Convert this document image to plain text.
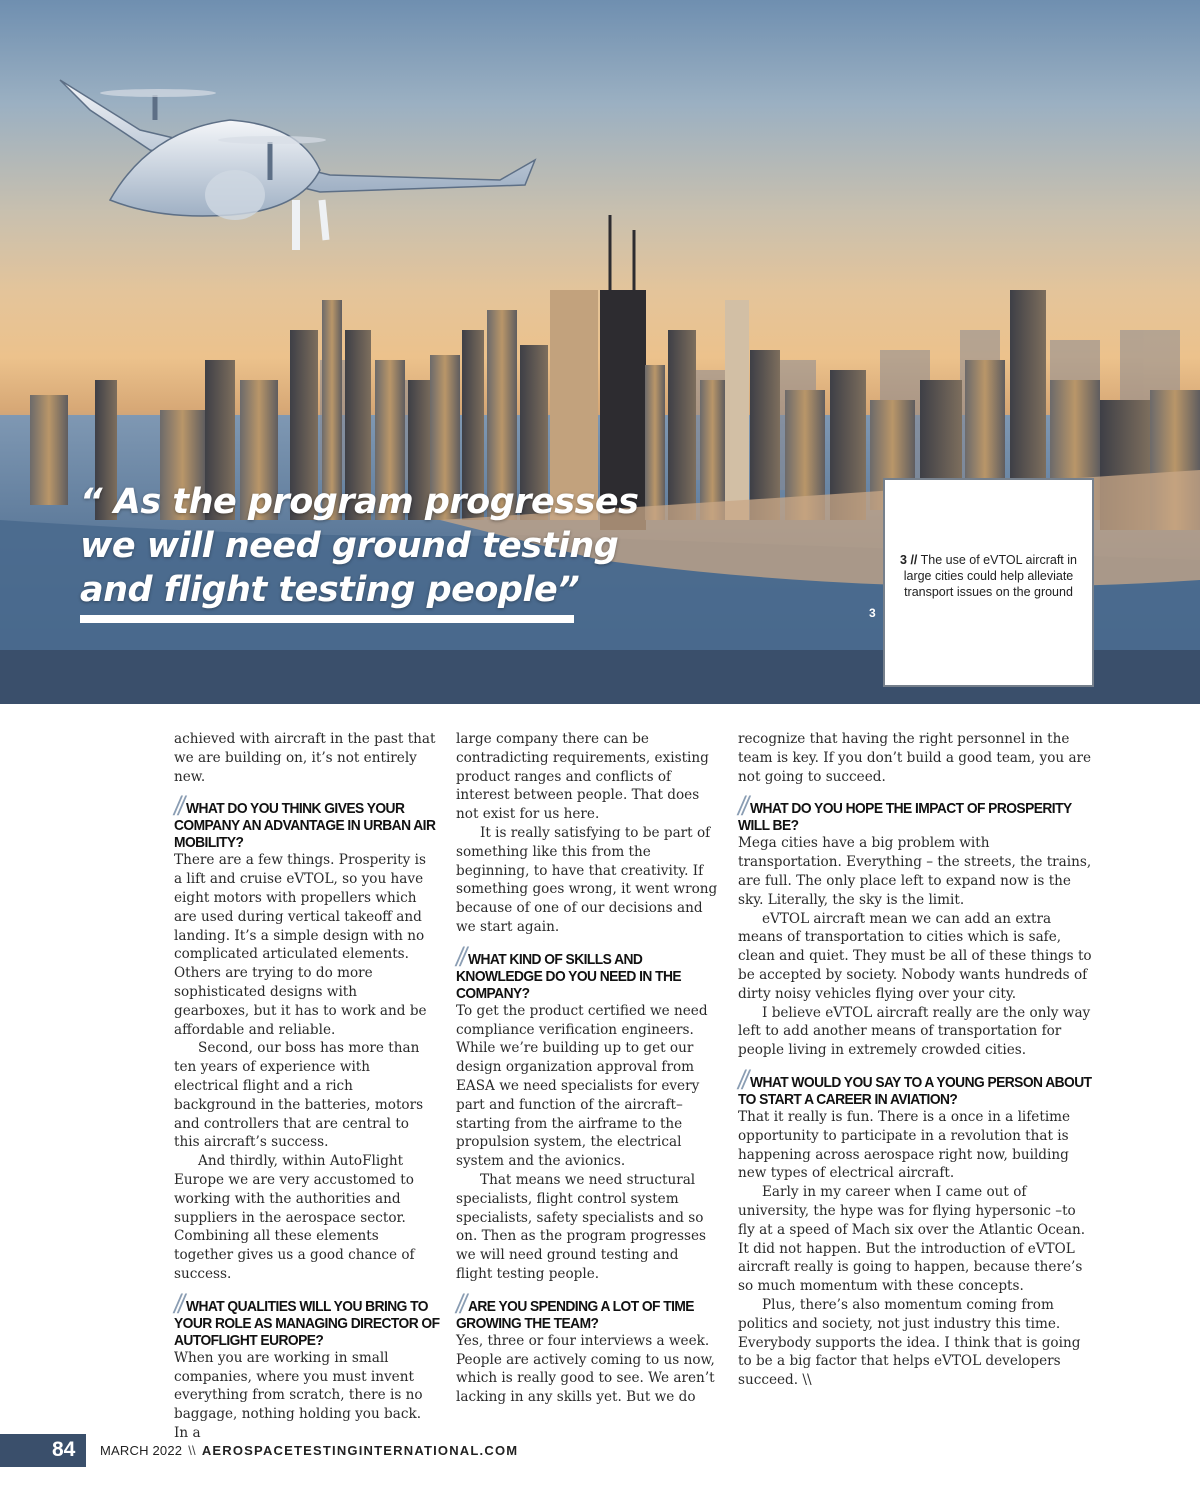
“ As the program progresses we will need ground testing and flight testing people”
3
3 // The use of eVTOL aircraft in large cities could help alleviate transport issues on the ground

achieved with aircraft in the past that we are building on, it’s not entirely new.

// WHAT DO YOU THINK GIVES YOUR COMPANY AN ADVANTAGE IN URBAN AIR MOBILITY?

There are a few things. Prosperity is a lift and cruise eVTOL, so you have eight motors with propellers which are used during vertical takeoff and landing. It’s a simple design with no complicated articulated elements. Others are trying to do more sophisticated designs with gearboxes, but it has to work and be affordable and reliable.

Second, our boss has more than ten years of experience with electrical flight and a rich background in the batteries, motors and controllers that are central to this aircraft’s success.

And thirdly, within AutoFlight Europe we are very accustomed to working with the authorities and suppliers in the aerospace sector. Combining all these elements together gives us a good chance of success.

// WHAT QUALITIES WILL YOU BRING TO YOUR ROLE AS MANAGING DIRECTOR OF AUTOFLIGHT EUROPE?

When you are working in small companies, where you must invent everything from scratch, there is no baggage, nothing holding you back. In a

large company there can be contradicting requirements, existing product ranges and conflicts of interest between people. That does not exist for us here.

It is really satisfying to be part of something like this from the beginning, to have that creativity. If something goes wrong, it went wrong because of one of our decisions and we start again.

// WHAT KIND OF SKILLS AND KNOWLEDGE DO YOU NEED IN THE COMPANY?

To get the product certified we need compliance verification engineers. While we’re building up to get our design organization approval from EASA we need specialists for every part and function of the aircraft– starting from the airframe to the propulsion system, the electrical system and the avionics.

That means we need structural specialists, flight control system specialists, safety specialists and so on. Then as the program progresses we will need ground testing and flight testing people.

// ARE YOU SPENDING A LOT OF TIME GROWING THE TEAM?

Yes, three or four interviews a week. People are actively coming to us now, which is really good to see. We aren’t lacking in any skills yet. But we do

recognize that having the right personnel in the team is key. If you don’t build a good team, you are not going to succeed.

// WHAT DO YOU HOPE THE IMPACT OF PROSPERITY WILL BE?

Mega cities have a big problem with transportation. Everything – the streets, the trains, are full. The only place left to expand now is the sky. Literally, the sky is the limit.

eVTOL aircraft mean we can add an extra means of transportation to cities which is safe, clean and quiet. They must be all of these things to be accepted by society. Nobody wants hundreds of dirty noisy vehicles flying over your city.

I believe eVTOL aircraft really are the only way left to add another means of transportation for people living in extremely crowded cities.

// WHAT WOULD YOU SAY TO A YOUNG PERSON ABOUT TO START A CAREER IN AVIATION?

That it really is fun. There is a once in a lifetime opportunity to participate in a revolution that is happening across aerospace right now, building new types of electrical aircraft.

Early in my career when I came out of university, the hype was for flying hypersonic –to fly at a speed of Mach six over the Atlantic Ocean. It did not happen. But the introduction of eVTOL aircraft really is going to happen, because there’s so much momentum with these concepts.

Plus, there’s also momentum coming from politics and society, not just industry this time. Everybody supports the idea. I think that is going to be a big factor that helps eVTOL developers succeed. \\

84 MARCH 2022 \\ AEROSPACETESTINGINTERNATIONAL.COM
